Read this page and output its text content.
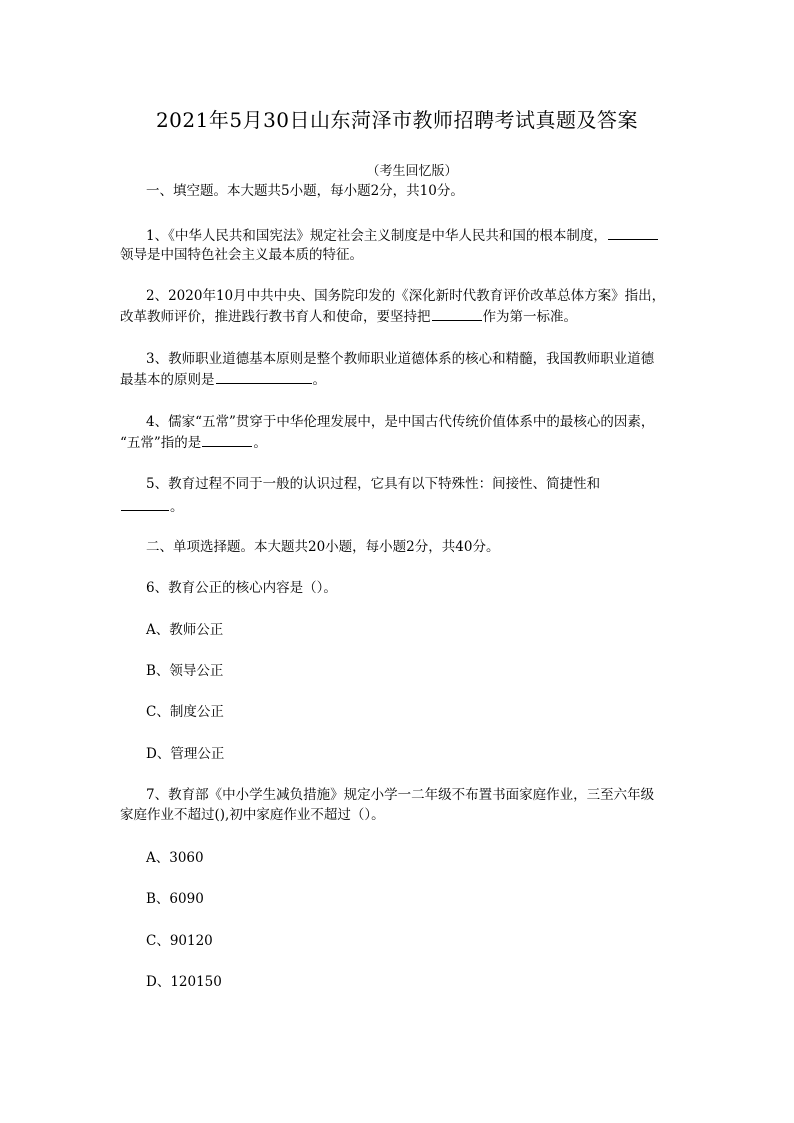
2021年5月30日山东菏泽市教师招聘考试真题及答案
（考生回忆版）
一、填空题。本大题共5小题，每小题2分，共10分。
1、《中华人民共和国宪法》规定社会主义制度是中华人民共和国的根本制度，
领导是中国特色社会主义最本质的特征。
2、2020年10月中共中央、国务院印发的《深化新时代教育评价改革总体方案》指出，
改革教师评价，推进践行教书育人和使命，要坚持把	作为第一标准。
3、教师职业道德基本原则是整个教师职业道德体系的核心和精髓，我国教师职业道德
最基本的原则是	。
4、儒家“五常”贯穿于中华伦理发展中，是中国古代传统价值体系中的最核心的因素，
“五常”指的是	。
5、教育过程不同于一般的认识过程，它具有以下特殊性：间接性、简捷性和
。
二、单项选择题。本大题共20小题，每小题2分，共40分。
6、教育公正的核心内容是（）。
A、教师公正
B、领导公正
C、制度公正
D、管理公正
7、教育部《中小学生减负措施》规定小学一二年级不布置书面家庭作业，三至六年级
家庭作业不超过(),初中家庭作业不超过（）。
A、3060
B、6090
C、90120
D、120150
